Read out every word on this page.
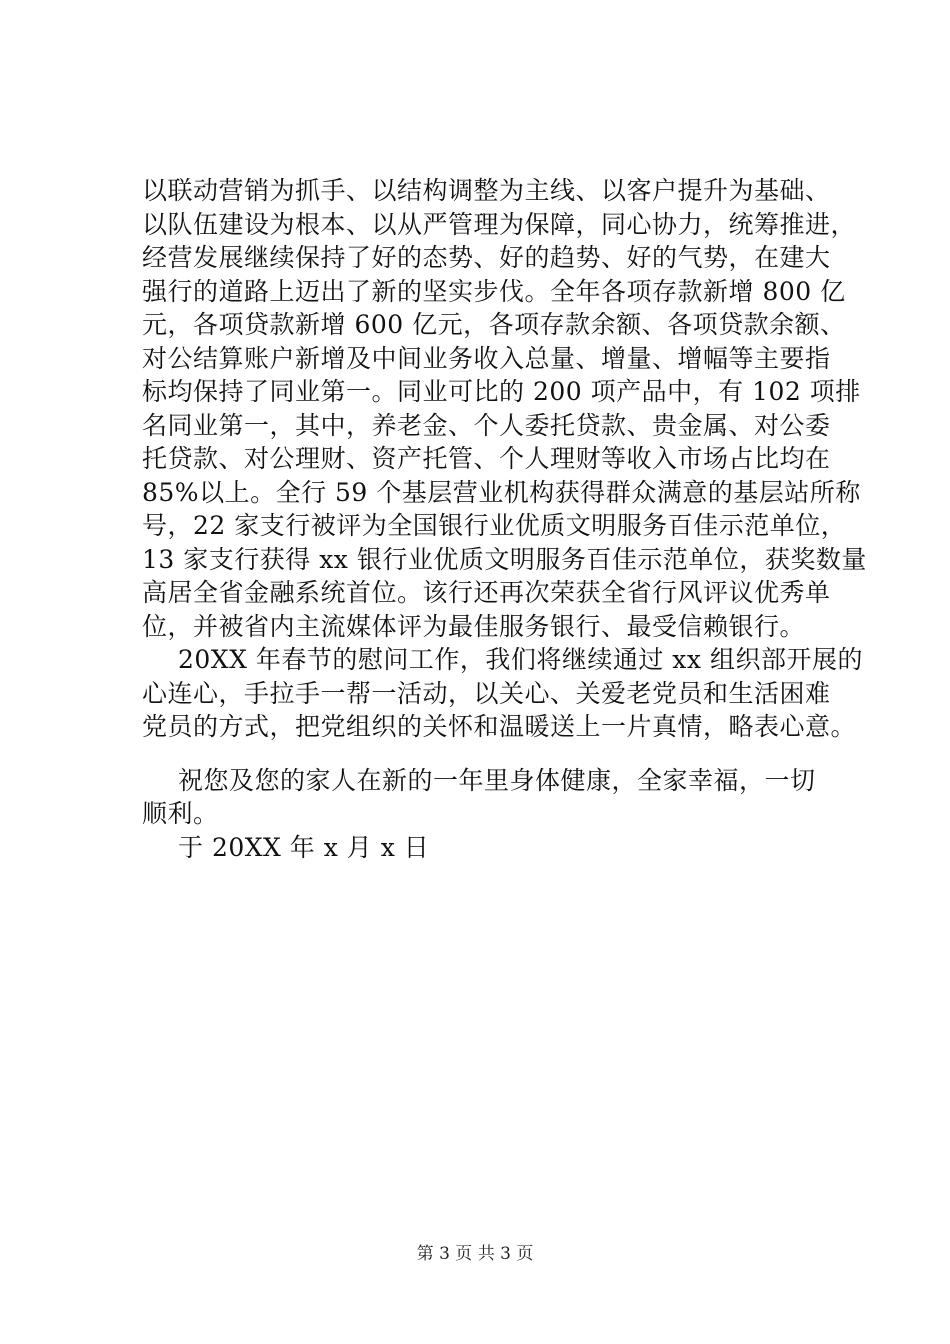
以联动营销为抓手、以结构调整为主线、以客户提升为基础、
以队伍建设为根本、以从严管理为保障，同心协力，统筹推进，
经营发展继续保持了好的态势、好的趋势、好的气势，在建大
强行的道路上迈出了新的坚实步伐。全年各项存款新增 800 亿
元，各项贷款新增 600 亿元，各项存款余额、各项贷款余额、
对公结算账户新增及中间业务收入总量、增量、增幅等主要指
标均保持了同业第一。同业可比的 200 项产品中，有 102 项排
名同业第一，其中，养老金、个人委托贷款、贵金属、对公委
托贷款、对公理财、资产托管、个人理财等收入市场占比均在
85%以上。全行 59 个基层营业机构获得群众满意的基层站所称
号，22 家支行被评为全国银行业优质文明服务百佳示范单位，
13 家支行获得 xx 银行业优质文明服务百佳示范单位，获奖数量
高居全省金融系统首位。该行还再次荣获全省行风评议优秀单
位，并被省内主流媒体评为最佳服务银行、最受信赖银行。
20XX 年春节的慰问工作，我们将继续通过 xx 组织部开展的
心连心，手拉手一帮一活动，以关心、关爱老党员和生活困难
党员的方式，把党组织的关怀和温暖送上一片真情，略表心意。
祝您及您的家人在新的一年里身体健康，全家幸福，一切
顺利。
于 20XX 年 x 月 x 日
第 3 页 共 3 页
